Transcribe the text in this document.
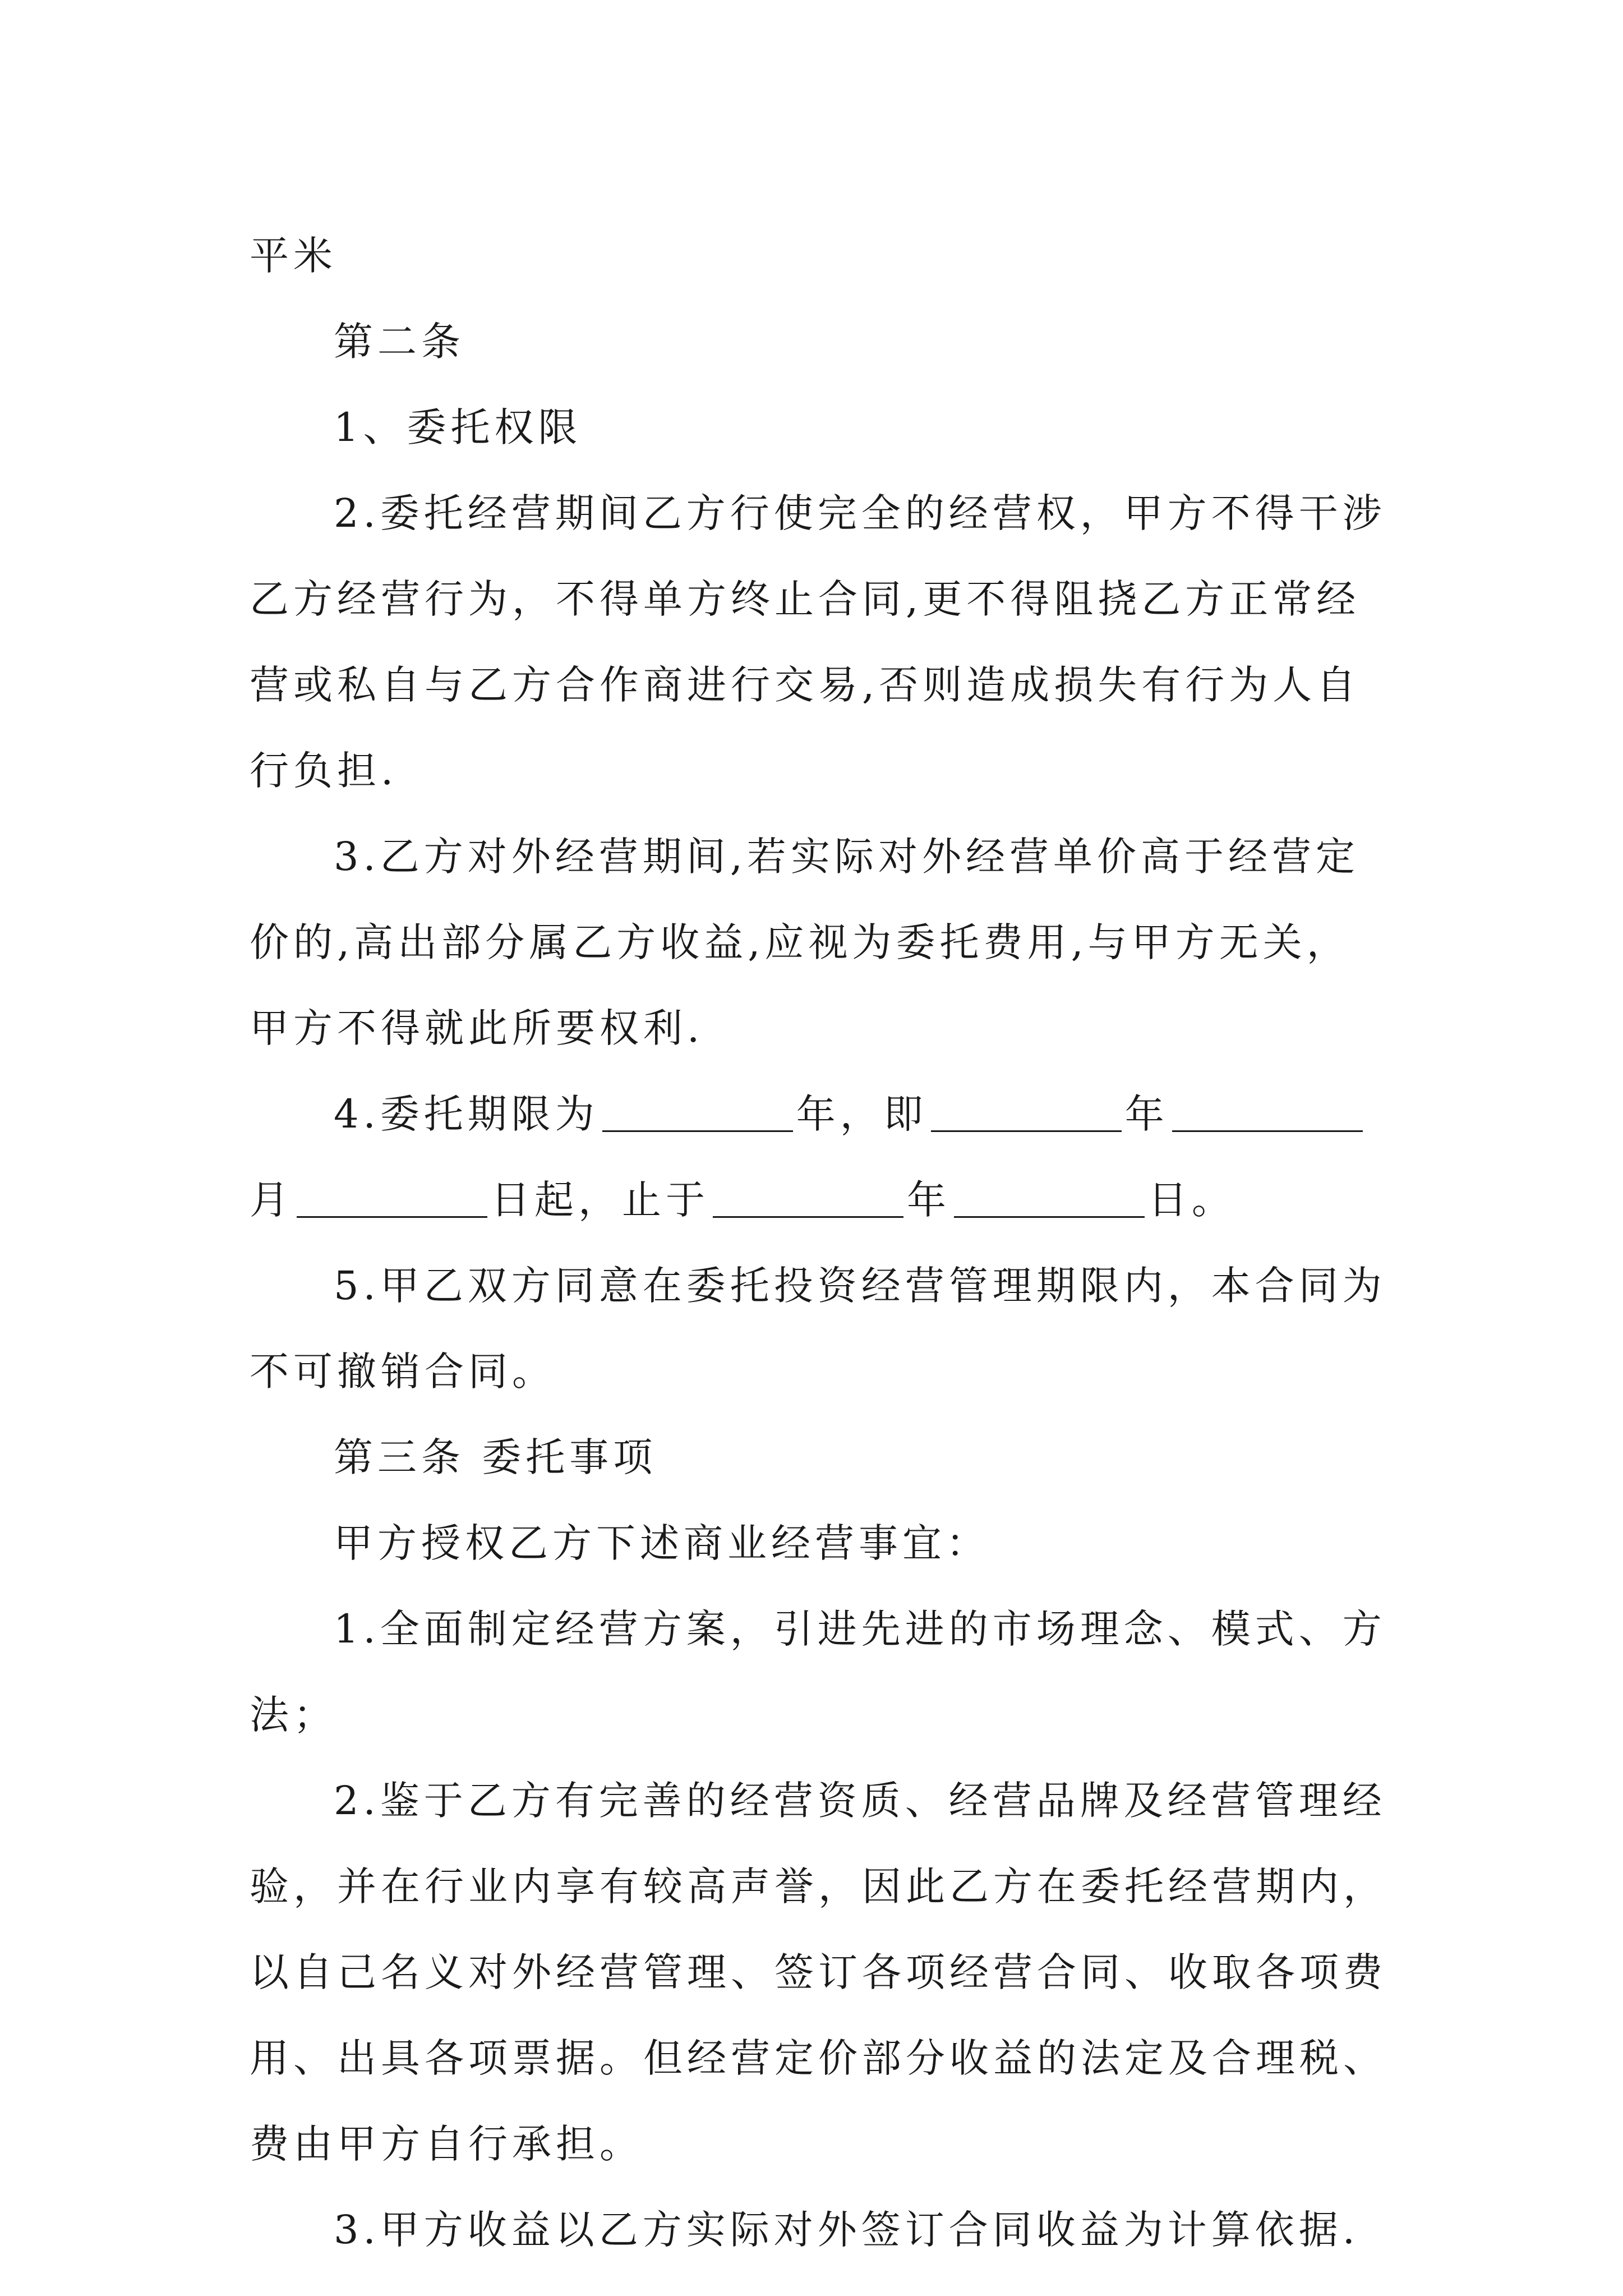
平米
第二条
1、委托权限
2.委托经营期间乙方行使完全的经营权，甲方不得干涉
乙方经营行为，不得单方终止合同,更不得阻挠乙方正常经
营或私自与乙方合作商进行交易,否则造成损失有行为人自
行负担.
3.乙方对外经营期间,若实际对外经营单价高于经营定
价的,高出部分属乙方收益,应视为委托费用,与甲方无关，
甲方不得就此所要权利.
4.委托期限为	年，即	年
月	日起，止于	年	日。
5.甲乙双方同意在委托投资经营管理期限内，本合同为
不可撤销合同。
第三条 委托事项
甲方授权乙方下述商业经营事宜：
1.全面制定经营方案，引进先进的市场理念、模式、方
法；
2.鉴于乙方有完善的经营资质、经营品牌及经营管理经
验，并在行业内享有较高声誉，因此乙方在委托经营期内，
以自己名义对外经营管理、签订各项经营合同、收取各项费
用、出具各项票据。但经营定价部分收益的法定及合理税、
费由甲方自行承担。
3.甲方收益以乙方实际对外签订合同收益为计算依据.
